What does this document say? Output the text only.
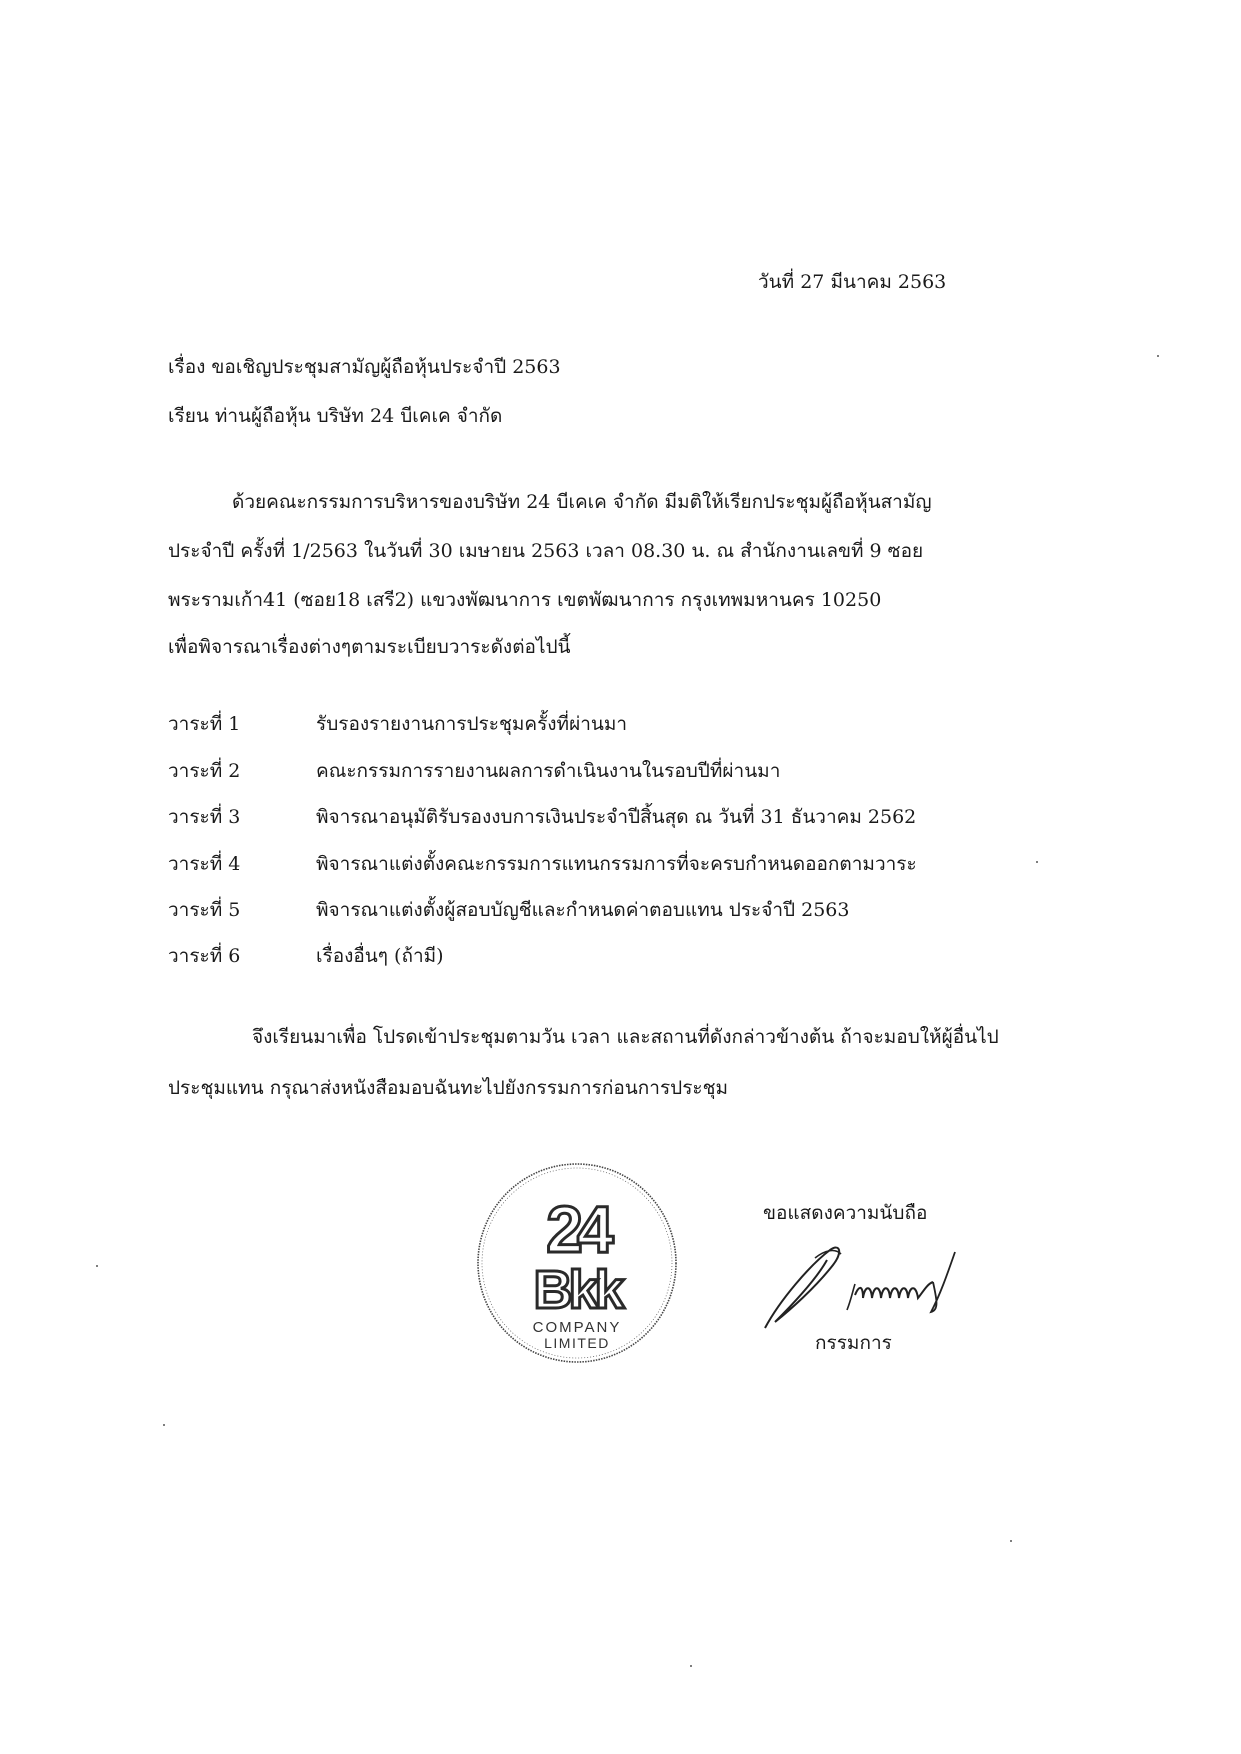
วันที่ 27 มีนาคม 2563
เรื่อง ขอเชิญประชุมสามัญผู้ถือหุ้นประจำปี 2563
เรียน ท่านผู้ถือหุ้น บริษัท 24 บีเคเค จำกัด
ด้วยคณะกรรมการบริหารของบริษัท 24 บีเคเค จำกัด มีมติให้เรียกประชุมผู้ถือหุ้นสามัญ
ประจำปี ครั้งที่ 1/2563 ในวันที่ 30 เมษายน 2563 เวลา 08.30 น. ณ สำนักงานเลขที่ 9 ซอย
พระรามเก้า41 (ซอย18 เสรี2) แขวงพัฒนาการ เขตพัฒนาการ กรุงเทพมหานคร 10250
เพื่อพิจารณาเรื่องต่างๆตามระเบียบวาระดังต่อไปนี้
วาระที่ 1	รับรองรายงานการประชุมครั้งที่ผ่านมา
วาระที่ 2	คณะกรรมการรายงานผลการดำเนินงานในรอบปีที่ผ่านมา
วาระที่ 3	พิจารณาอนุมัติรับรองงบการเงินประจำปีสิ้นสุด ณ วันที่ 31 ธันวาคม 2562
วาระที่ 4	พิจารณาแต่งตั้งคณะกรรมการแทนกรรมการที่จะครบกำหนดออกตามวาระ
วาระที่ 5	พิจารณาแต่งตั้งผู้สอบบัญชีและกำหนดค่าตอบแทน ประจำปี 2563
วาระที่ 6	เรื่องอื่นๆ (ถ้ามี)
จึงเรียนมาเพื่อ โปรดเข้าประชุมตามวัน เวลา และสถานที่ดังกล่าวข้างต้น ถ้าจะมอบให้ผู้อื่นไป
ประชุมแทน กรุณาส่งหนังสือมอบฉันทะไปยังกรรมการก่อนการประชุม
24
Bkk
COMPANY
LIMITED
ขอแสดงความนับถือ
กรรมการ
